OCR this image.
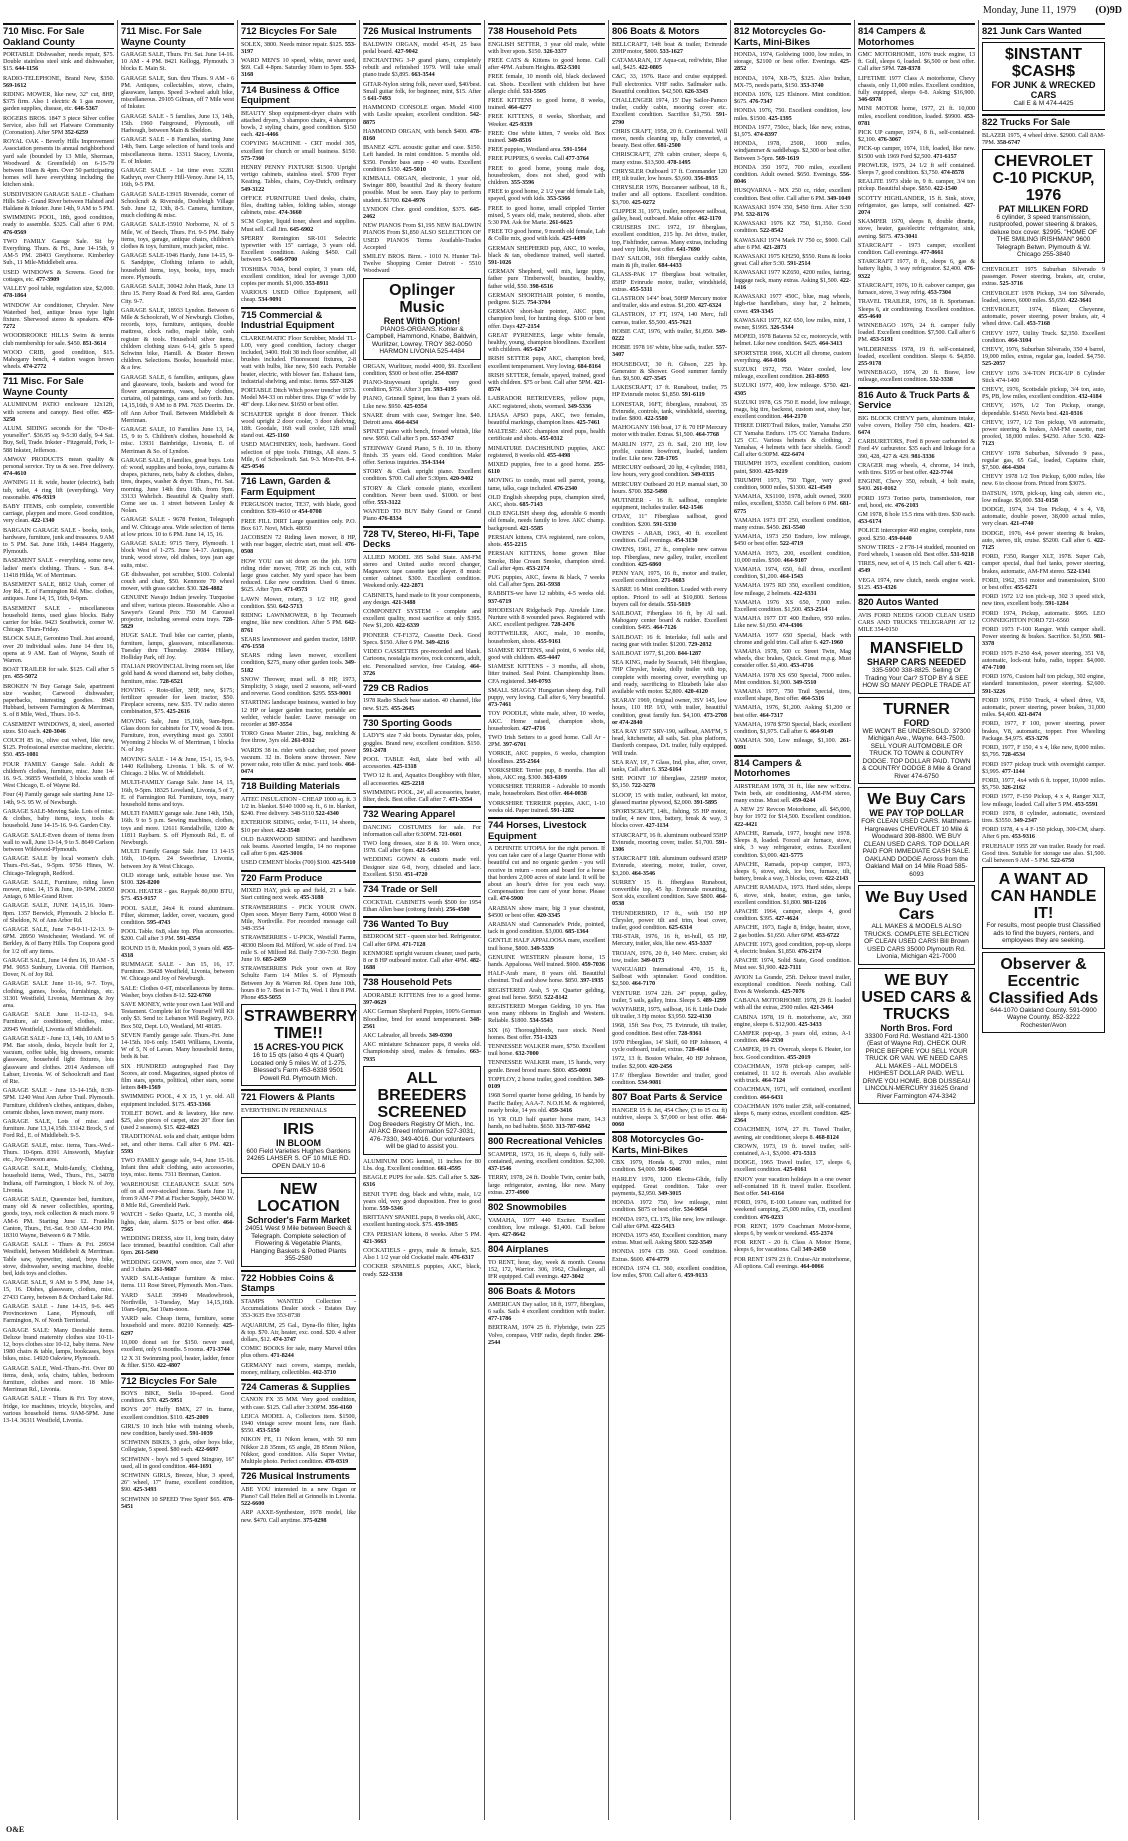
Monday, June 11, 1979 (O)9D
710 Misc. For Sale Oakland County
PORTABLE Dishwasher, needs repair, $75. Double stainless steel sink and dishwasher, $15. 644-1156
RADIO-TELEPHONE, Brand New, $350. 569-1612
RIDING MOWER, like new, 32" cut, 8HP, $375 firm. Also 1 electric & 1 gas mower, garden supplies, disease, etc. 646-5367
ROGERS BROS. 1847 3 piece Silver coffee Service, also full set Flatware Community (Coronation). After 5PM 352-6259
ROYAL OAK - Beverly Hills Improvement Association presents its annual neighborhood yard sale (bounded by 13 Mile, Sherman, Woodward & Greenfield) on 6-15-79 between 10am & 4pm. Over 50 participating homes will have everything including the kitchen sink.
SUBDIVISION GARAGE SALE - Chatham Hills Sub - Grand River between Halsted and Haldane & Inkster. June 14th, 9 AM to 5 PM.
SWIMMING POOL, 18ft, good condition, ready to assemble. $325. Call after 6 P.M. 476-0569
TWO FAMILY Garage Sale. Sit by Everything. Thurs. & Fri., June 14-15th, 9 AM-5 PM. 28403 Greythorne. Kimberley Sub., 11 Mile-Middlebelt area.
USED WINDOWS & Screens. Good for cottages, etc. 477-3909
VALLEY pool table, regulation size, $2,000. 478-1864
WINDOW Air conditioner, Chrysler. New Waterbed bed, antique brass type light fixture. Sherwood stereo & speakers. 474-7272
WOODBROOKE HILLS Swim & tennis club membership for sale. $450. 851-3614
WOOD CRIB, good condition, $15. Mahogany bench, 4 station wagon brown wheels. 474-2772
711 Misc. For Sale Wayne County
ALUMINUM PATIO enclosure 12x12ft, with screens and canopy. Best offer. 455-3258
ALUM. SIDING seconds for the "Do-it-yourselfer". $36.95 sq. 9-5:30 daily, 9-4 Sat. Buy, Sell, Trade. Inkster - Fitzgerald, Fork, 1-588 Inkster, Jefferson.
AMWAY PRODUCTS mean quality & personal service. Try us & see. Free delivery. 474-4610
AWNING 11 ft. wide, heater (electric), bath tub, toilet, 4 ring lift (everything). Very reasonable. 476-9319
BABY ITEMS, crib complete, convertible carriage, playpen and more. Good condition, very clean. 422-1340
BARGAIN GARAGE SALE - books, tools, hardware, furniture, junk and treasures. 9 AM to 5 PM. Sat. June 16th, 14484 Haggerty, Plymouth.
BASEMENT SALE - everything, some new, ladies' men's clothing. Thurs. - Sun. 8-4. 11418 Hilda, W. of Merriman.
BASEMENT SALE, 8812 Utah, corner of Joy Rd., E. of Farmington Rd. Misc. clothes, antiques. June 14, 15, 16th, 9-6pm.
BASEMENT SALE - miscellaneous household items, used glass blocks. Baby carrier for bike. 9423 Southwick, corner W. Chicago. Thurs-Friday.
BLOCK SALE, Geronimo Trail. Just around, over 20 individual sales. June 14 thru 16, opens at 9 AM. East of Wayne, South of Warren.
BOAT TRAILER for sale. $125. Call after 5 pm. 455-5072
BROKEN 'N Buy Garage Sale, apartment size washer, Carwood dishwasher, paperbacks, interesting goodies. 8943 Hubbard, between Farmington & Merriman, S. of 8 Mile, Wed., Thurs. 10-5.
CASEMENT WINDOWS, 8, steel, assorted sizes. $10 each. 420-3046
COUCH 85 in., olive cut velvet, like new, $125. Professional exercise machine, electric. $50. 455-1081
FOUR FAMILY Garage Sale. Adult & children's clothes, furniture, misc. June 14-16. 9-5. 36855 Westfield, 3 blocks south of West Chicago, E. of Wayne Rd.
Four (4) Family garage sale starting June 12-14th, 9-5. 95 W. of Newburgh.
GARAGE SALE-Moving Sale. Lots of misc. & clothes, baby items, toys, tools & household. June 14-15-16. 9-6. Garden City.
GARAGE SALE-Even dozen of items from wall to wall, June 13-14, 9 to 5. 8649 Carlson between Wildwood-Plymouth.
GARAGE SALE by local women's club. Thurs.-Fri.-Sat., 9-5pm. 9756 Hines, W. Chicago-Telegraph, Redford.
GARAGE SALE, Furniture, riding lawn mower, misc. 14, 15 & June, 10-5PM. 20050 Antago, 6 Mile-Grand River.
GARAGE SALE, JUNE 14,15,16. 10am-8pm. 1357 Berwick, Plymouth. 2 blocks E. of Sheldon, N. of Ann Arbor Rd.
GARAGE SALE, June 7-8-9-11-12-13. 9-6PM. 28950 Westchester, Westland. W. of Berkley, & of Barry Hills. Top Coupons good for 1/2 off any items.
GARAGE SALE, June 14 thru 16, 10 AM - 5 PM. 9053 Sunbury, Livonia. Off Harrison, Dover, N. of Joy Rd.
GARAGE SALE June 11-16, 9-7. Toys, clothing, games, books, furnishings, etc. 31301 Westfield, Livonia, Merriman & Joy area.
GARAGE SALE June 11-12-13, 9-6. Furniture, air conditioner, clothes, misc. 20945 Westfield, Livonia off Middlebelt.
GARAGE SALE - June 13, 14th, 10 AM to 5 PM. Bar stools, desks, bicycle built for 2, vacuum, coffee table, big dressers, ceramic glassware, household light fixtures, lots glassware and clothes. 2014 Anderson off Lahser, Livonia. W. of Schoolcraft and East of Rte.
GARAGE SALE - June 13-14-15th, 8:30-5PM. 1240 West Ann Arbor Trail. Plymouth. Furniture, children's clothes, antiques, dishes, ceramic dishes, lawn mower, many more.
GARAGE SALE, Lots of misc. and furniture. June 13,14,15th. 33142 Brock, 5 of Ford Rd., E. of Middlebelt. 9-5.
GARAGE SALE, misc. items, Tues.-Wed.-Thurs. 10-6pm. 8391 Ainsworth, Mayfair etc., Joy-Dawson area.
GARAGE SALE, Multi-family, Clothing, household items, Wed., Thurs., Fri., 34078 Indiana, off Farmington, 1 block N. of Joy, Livonia.
GARAGE SALE, Queensize bed, furniture, many old & newer collectibles, sporting, goods, toys, rock collection & much more. 9 AM-6 PM. Starting June 12. Franklin Canton, Thurs., Fri.-Sat. 9:30 AM-4:30 PM. 18310 Wayne, Between 6 & 7 Mile.
GARAGE SALE - Thurs & Fri. 29934 Westfield, between Middlebelt & Merriman. Table saw, typewriter, stand, boys bike, stove, dishwasher, sewing machine, double bed, kids toys and clothes.
GARAGE SALE, 9 AM to 5 PM, June 14, 15, 16. Dishes, glassware, clothes, misc. 27433 Carey, between 8 & Orchard Lake Rd.
GARAGE SALE - June 14-15, 9-6. 445 Provincetown Lane, Plymouth, off Farmington, N. of North Territorial.
GARAGE SALE: Many Desirable items. Deluxe brand maternity clothes size 10-11-12, boys clothes size 10-12, baby items. New 1980 chairs & table, lamps, bookcases, boys bikes, misc. 14920 Oakview, Plymouth.
GARAGE SALE, Wed.-Thurs.-Fri. Over 80 items, desk, sofa, chairs, tables, bedroom furniture, clothes and more. 18 Mile-Merriman Rd., Livonia.
GARAGE SALE - Thurs & Fri. Toy stove, fridge, ice machines, tricycle, bicycles, and various household items. 9AM-5PM. June 13-14. 36311 Westfield, Livonia.
711 Misc. For Sale Wayne County
GARAGE SALE, Thurs. Fri. Sat. June 14-16. 10 AM - 4 PM. 8421 Kellogg, Plymouth. 3 blocks E. Main St.
GARAGE SALE, Sun. thru Thurs. 9 AM - 6 PM. Antiques, collectables, stove, chairs, glassware, lamps. Speed 3-wheel adult bike, miscellaneous. 29105 Gilman, off 7 Mile west of Inkster.
GARAGE SALE - 5 families, June 13, 14th, 15th. 1960 Fairground, Plymouth, off Harbough, between Main & Sheldon.
GARAGE SALE - 8 Families, starting June 14th, 9am. Large selection of hand tools and miscellaneous items. 13311 Stacey, Livonia, E. of Inkster.
GARAGE SALE - 1st time ever. 32281 Kathryn, over Cherry Hill-Venoy. June 14, 15, 16th, 9-5 PM.
GARAGE SALE-13915 Riverside, corner of Schoolcraft & Riverside, Doubleigh Village Sub. June 12, 13th, 8-5. Camera, furniture, much clothing & misc.
GARAGE SALE-15910 Norborne, N. of 5 Mile, W. of Beech, Thurs. Fri. 9-5 PM. Baby items, toys, garage, antique chairs, children's clothes & toys, furniture, much jacket, misc.
GARAGE SALE-1946 Hardy, June 14-15, 9-6. Sandpipe, Clothing infants to adult, household items, toys, books, toys, much more. Plymouth.
GARAGE SALE, 30042 John Hauk, June 13 thru 15. Ferry Road & Ford Rd. area, Garden City. 9-7.
GARAGE SALE, 18933 Lyndon. Between 6 Mile & Schoolcraft, W of Newburgh. Clothes, records, toys, furniture, antiques, double mattress, clock radio, maple table, cash register & tools. Household silver items, children clothing sizes 6-14, girls 5 speed Schwinn bike, Hamill. & Buster Brown children. Selections. Books, household misc. & a few.
GARAGE SALE, 6 families, antiques, glass and glassware, tools, baskets and wood for flower arrangements, vases, baby clothes, curtains, oil paintings, cans and so forth. Jun. 14,15,16th, 9 AM to 8 PM. 7635 Deerim. Dr. off Ann Arbor Trail. Between Middlebelt & Merriman.
GARAGE SALE, 10 Families June 13, 14, 15, 9 to 5. Children's clothes, household & misc. 13931 Bainbridge, Livonia, E. of Merriman & So. of Lyndon.
GARAGE SALE, 8 families, great buys. Lots of: wood, supplies and books, toys, curtains & drapes, pictures, nets, baby & clothes, dishes, tires, drapes, washer & dryer. Thurs., Fri. Sat. morning. June 14th thru 16th. from 9pm. 33133 Wahrlich. Beautiful & Quality stuff. Come see us. 1 street between Lesley & Nolan.
GARAGE SALE - 9678 Fenton, Telegraph and W. Chicago area. Wide selection of items at low prices. 10 to 6 PM. June 14, 15, 16.
GARAGE SALE: 9715 Terry, Plymouth. 1 block West of 1-275. June 14-17. Antiques, trunk, wood stove, old dishes, toys jean age suits, misc.
GE dishwasher, pot scrubber, $100. Colonial couch and chair, $50. Kenmore 70 wheel mower, with grass catcher. $30. 326-4882
GENUINE Navajo Indian jewelry. Turquoise and silver, various pieces. Reasonable. Also a Sawyer's Grand Prix 750 M Carousel projector, including several extra trays. 728-5829
HUGE SALE. Trail bike car carrier, plants, furniture, lamps, glassware, miscellaneous. Tuesday thru Thursday. 29084 Hillary, Holliday Park, off Joy.
ITALIAN PROVINCIAL living room set, like gold hand & wood diamond set, baby clothes, furniture, misc. 728-6521
HOVING - Roto-tiller, 3HP, new, $175; fertilizer spreader for lawn tractor, $50. Fireplace screens, new. $35. TV radio stereo combination, $75. 425-2616
MOVING Sale, June 15,16th, 9am-8pm. Glass doors for cabinets for TV, wood & iron. Furniture, iron, everything must go. 33901 Wyoming 2 blocks W. of Merriman, 1 blocks N. of Joy.
MOVING SALE - 14 & June, 15-1, 15, 9-5. 1440 Kellisberg. Livonia. 1 blk. S. of W. Chicago. 2 blks. W. of Middlebelt.
MULTI-FAMILY Garage Sale. June 14, 15, 16th, 9-5pm. 18325 Loveland, Livonia, 5 of 7, E. of Farmington Rd. Furniture, toys, many household items and toys.
MULTI FAMILY garage sale. June 14th, 15th, 16th. 9 to 5 p.m. Sewing machines, clothes, toys and more. 12611 Kendallville, 1200 & 11811 Raybarn. S. off Plymouth Rd., E. of Newburgh.
MULTI Family Garage Sale. June 13 14-15 16th, 10-6pm. 24 Sweetbriar, Livonia, between Joy & West Chicago.
OLD storage tank, suitable house use. Yes $100. 326-8200
POOL HEATER - gas. Raypak 80,000 BTU, $75. 453-9157
POOL SALE, 24x4 ft. round aluminum. Filter, skimmer, ladder, cover, vacuum, good condition. 595-4743
POOL Table. 6x8, slate top. Plus accessories. $200. Call after 3 PM. 591-4354
ROUND 15 ft. Muskin pool, 3 years old. 455-4318
RUMMAGE SALE - Jun 15, 16, 17. Furniture. 36428 Westfield, Livonia, between W. Chicago and Joy of Newburgh.
SALE: Clothes 0-6T, miscellaneous by items. Washer, boys clothes 8-12. 522-6760
SAVE MONEY, write your own Last Will and Testament. Complete kit for Yourself Will Kit only $3. Send to: Lebanon Will Registry, P.O. Box 502, Dept. LO, Westland, MI 48185.
SEVEN Family garage sale. Thurs.-Fri. June 14-15th. 10-6 only. 15401 Williams, Livonia, W of 5, N of Lavan. Many household items, beds & bar.
SIX HUNDRED autographed Fast Day Scores, air cond. Magazines, signed photos of film stars, sports, political, other stars, some letters 849-1569
SWIMMING POOL, 4 X 15, 1 yr. old. All equipment included. $175. 453-3366
TOILET BOWL and & lavatory, like new. $25, also pieces of carpet, size 20" floor fan (used 2 seasons). $15. 422-4823
TRADITIONAL sofa and chair, antique bdrm set, and other items. Call after 6 PM. 421-5593
TWO FAMILY garage sale, 9-4, June 15-16. Infant thru adult clothing, auto accessories, toys, misc. items. 7311 Brennan, Canton.
WAREHOUSE CLEARANCE SALE 50% off on all over-stocked items. Starts June 11, from 9 AM-7 PM at Fischer Supply, 34430 W. 8 Mile Rd., Greenfield Park.
WATCH - Seiko Quartz, LC, 3 months old, lights, date, alarm. $175 or best offer. 464-7565
WEDDING DRESS, size 11, long train, daisy lace trimmed, beautiful condition. Call after 6pm. 261-5490
WEDDING GOWN, worn once, size 7. Veil and 3 chairs. 261-9687
YARD SALE-Antique furniture & misc. items. 111 Rose Street, Plymouth. Mon.-Tues.
YARD SALE 39949 Meadowbrook, Northville, 1-Tuesday, May 14,15,16th. 10am-6pm, Sat 10am-noon.
YARD sale. Cheap items, furniture, some household and more. 80210 Kennedy. 425-6297
10,000 donut set for $150. never used, excellent, only 6 months. 5 rooms. 471-3744
12 X 31 Swimming pool, heater, ladder, fence & filter. $150. 422-4807
712 Bicycles For Sale
BOYS BIKE, Stella 10-speed. Good condition. $70. 425-5951
BOYS 20" Huffy BMX, 27 in. frame, excellent condition. $110. 425-2009
GIRL'S 10 inch bike with training wheels, new condition, barely used. 591-1039
SCHWINN BIKES, 3 girls, other boys bike, Collegiate, 5 speed. $80 each. 422-6697
SCHWINN - boy's red 5 speed Stingray, 16" used, all in good condition. 464-1691
SCHWINN GIRLS, Breeze, blue, 3 speed, 26" wheel, 17" frame, excellent condition, $90. 425-3493
SCHWINN 10 SPEED 'Free Spirit' $65. 478-5451
712 Bicycles For Sale
SOLEX, 3800. Needs minor repair. $125. 553-3197
WARD MEN'S 10 speed, white, never used, $69. Call 4-8pm. Saturday 10am to 5pm. 553-3168
714 Business & Office Equipment
BEAUTY Shop equipment-dryer chairs with attached dryers, 3 shampoo chairs, 4 shampoo bowls, 2 styling chairs, good condition. $150 each. 421-4466
COPYING MACHINE - CRT model 305, excellent for church or small business. $150. 575-7360
HENRY PENNY FIXTURE $1500. Upright vertigo cabinets, stainless steel. $700 Fryer Keating. Tables, chairs, Coy-Dutch, ordinary 549-3122
OFFICE FURNITURE Used desks, chairs, files, drafting tables, folding tables, storage cabinets, misc. 474-3660
SCM Copier, liquid toner, sheet and supplies. Must sell. Call Jim. 645-6902
SPERRY Remington SR-101 Selectric typewriter with 15" carriage, 3 years old. Excellent condition. Asking $450. Call between 9-5. 646-9700
TOSHIBA 703A, bond copier, 3 years old, excellent condition, ideal for average 3,000 copies per month. $1,000. 353-8911
VARIOUS USED Office Equipment, sell cheap. 534-9091
715 Commercial & Industrial Equipment
CLARKE/MATIC Floor Scrubber, Model TL-L00, very good condition, factory charger included, 3400. Holt 38 inch floor scrubber, all brushes included. Fluorescent fixtures, 2-8 watt with bulbs, like new, $10 each. Portable heater, electric, with blower fan. Exhaust fans, industrial shelving, and misc. items. 557-3126
PORTABLE Ditch Witch power trencher 1973. Model M4-33 on rubber tires. Digs 6" wide by 48" deep. Like new. $1650 or best offer.
SCHAEFER upright 8 door freezer. Thick wood upright 2 door cooler, 3 door shelving, 18ft. Goodale, 16ft wall cooler, 12ft small stand out. 425-1160
USED MACHINERY, tools, hardware. Good selection of pipe tools. Fittings, All sizes. 5 Mile, 6 of Schoolcraft. Sat. 9-3. Mon-Fri. 8-4. 425-0546
716 Lawn, Garden & Farm Equipment
FERGUSON tractor, TE37, with blade, good condition. $39-4610 or 454-0708
FREE FILL DIRT Large quantities only. P.O. Box 617. Novi, Mich. 48050
JACOBSEN 72 Riding lawn mower, 8 HP, with rear bagger, electric start, must sell. 476-0508
HOW YOU can sit down on the job. 1978 riding rider mower, 7HP, 26 inch cut, with large grass catcher. My yard space has been reduced. Like new condition. Used 6 times. $625. After 7pm. 471-0573
LAWN Mower, rotary, 3 1/2 HP, good condition. $50. 642-5713
RIDING LAWNMOWER, 8 hp Tecumseh engine, like new condition. After 5 PM. 642-8761
SEARS lawnmower and garden tractor, 18HP. 476-1558
SEARS riding lawn mower, excellent condition, $275, many other garden tools. 349-5182
SNOW Thrower, must sell. 8 HP, 1973, Simplicity, 3 stage, used 2 seasons, self-ward and reverse. Good condition. $295. 553-9001
STARTING landscape business, wanted to buy 12 HP or larger garden tractor, portable arc welder, vehicle hauler. Leave message on recorder at 397-3554
TORO Grass Master 21in., bag, mulching & free throw, 3yrs old. 261-0312
WARDS 38 in. rider with catcher, roof power vacuum. 32 in. Bolens snow thrower. New power rake, roto tiller & misc. yard tools. 464-0474
718 Building Materials
AITEC INSULATION - CHEAP 1000 sq. ft. 3 1/2 in. blanket. $140 1000 sq. ft., 6 in. blanket, $240. Free delivery. 348-5110 522-4340
EXTERIOR SIDING, cedar, T-111, 14 sheets, $10 per sheet. 422-3548
OLD BARNWOOD SIDING and handhewn oak beams. Assorted lengths, 14 no response call after 6 pm. 425-3016
USED CEMENT blocks (700) $100. 425-5410
720 Farm Produce
MIXED HAY, pick up and field, 21 a bale. Start cutting next week. 455-3188
STRAWBERRIES - PICK YOUR OWN. Open soon. Meyer Berry Farm, 40900 West 8 Mile, Northville. For recorded message call 348-3554
STRAWBERRIES - U-PICK, Westfall Farms, 48300 Bloom Rd. Milford, W. side of Fred. 1/4 mile S. of Milford Rd. Daily 7:30-7:30. Begin June 19. 685-2459
STRAWBERRIES Pick your own at Roy Schultz Farm 1/4 Miles S. of Plymouth Between Joy & Warren Rd. Open June 10th, hours 8 to 7. Best in 1-7 Tu, Wed. 1 thru 8 PM. Phone 453-5055
STRAWBERRY TIME!!
15 ACRES-YOU PICK
16 to 15 qts (also 4 qts 4 Quart) Located only 5 miles W. of 1-275. Blessed's Farm 453-6338 9501 Powell Rd. Plymouth Mich.
721 Flowers & Plants
EVERYTHING IN PERENNIALS
IRIS
IN BLOOM
600 Field Varieties Hughes Gardens 24265 LAHSER S. OF 10 MILE RD. OPEN DAILY 10-6
NEW LOCATION
Schroder's Farm Market
24051 West 9 Mile between Beech & Telegraph. Complete selection of Flowering & Vegetable Plants, Hanging Baskets & Potted Plants 355-2580
722 Hobbies Coins & Stamps
STAMPS WANTED Collection - Accumulations Dealer stock - Estates Day 353-3635 Eve 353-8738
AQUARIUM, 25 Gal., Dyna-flo filter, lights & top. $70. Air, heater, exc. cond. $20. 4 silver dollars, $12. 474-3747
COMIC BOOKS for sale, many Marvel titles plus others. 471-8244
GERMANY nazi covers, stamps, medals, money, military, collectibles. 462-3710
724 Cameras & Supplies
CANON FX 35 MM. Very good condition, with case. $125. Call after 3:30PM. 356-4160
LEICA MODEL A, Collectors item. $1500, 1940 vintage screw mount lens, rare flash. $550. 453-5150
NIKON FE, 11 Nikon lenses, with 50 mm Nikkor 2.8 35mm, 65 angle, 28 85mm Nikon, Nikkor, good condition. Alfa Super Vivitar, Multiple photo. Perfect condition. 478-0319
726 Musical Instruments
ABE YOU interested in a new Organ or Piano? Call Helen Bell at Grinnells in Livonia. 522-6600
ARP AXXE-Synthesizer, 1978 model, like new. $470. Call anytime. 375-0298
726 Musical Instruments
BALDWIN ORGAN, model 45-H, 25 bass pedal board. 427-9042
ENCHANTING 3-P grand piano, completely rebuilt and refinished 1979. Will take small piano trade $3,895. 663-3544
GITAR-Nylon string folk, never used, $40/best. Small guitar folk, for beginner, mint, $15. After 5 641-7493
HAMMOND CONSOLE organ. Model 4100 with Leslie speaker, excellent condition. 542-8875
HAMMOND ORGAN, with bench $400. 478-8160
IBANEZ 427L acoustic guitar and case. $150. Left handed. In mint condition. 5 months old. $350. Fender bass amp - 40 watts. Excellent condition $150. 425-5010
KIMBALL ORGAN, electronic, 1 year old, Swinger 800, beautiful 2nd & theory feature possible. Must be seen. Easy play to perform student. $1700. 624-4976
LYNDON Chor. good condition, $375. 645-2462
NEW PIANOS From $1,195 NEW BALDWIN PIANOS From $1,850 ALSO SELECTION OF USED PIANOS Terms Available-Trades Accepted
SMILEY BROS. Birm. - 1010 N. Hunter Tel-Twelve Shopping Center Detroit - 5510 Woodward
Oplinger Music
Rent With Option!
PIANOS-ORGANS. Kohler & Campbell, Hammond, Knabe, Baldwin, Wurlitzer, Lowrey. TROY 362-0050 HARMON LIVONIA 525-4484
ORGAN, Wurlitzer, model 4000, $9. Excellent condition, $500 or best offer. 254-8387
PIANO-Stuyvesant upright. very good condition, $750. After 3 pm. 593-4195
PIANO, Grinnell Spinet, less than 2 years old. Like new. $950. 425-0354
SNARE drum with case, Swinger line. $40. Detroit area. 464-4434
SPINET piano with bench, frosted whitish, like new. $950. Call after 5 pm. 557-3747
STEINWAY Grand Piano, 5 ft. 10 in. Ebony finish. 35 years old. Good condition. Make offer. Serious inquiries. 354-3344
STORY & Clark upright piano. Excellent condition. $700. Call after 5:30pm. 420-9402
STORY & Clark console piano, excellent condition. Never been used. $1000. or best offer. 553-3122
WANTED TO BUY Baby Grand or Grand Piano 476-8334
728 TV, Stereo, Hi-Fi, Tape Decks
ALLIED MODEL 395 Solid State. AM-FM stereo and United audio record changer, Magnavox tape cassette tape player. 8 music center cabinet. $300. Excellent condition. Weekend only. 422-2871
CABINETS, hand made to fit your components, any design. 421-3488
COMPONENT SYSTEM - complete and excellent quality, most sacrifice at only $395. New $1,200. 422-6339
PIONEER CT-F1372, Cassette Deck. Good Specs. $150. After 6 PM. 349-4216
VIDEO CASSETTES pre-recorded and blank. Cartoons, nostalgia movies, rock concerts, adult, etc. Personalized service, free Catalog. 464-3726
729 CB Radios
1978 Radio Shack base station. 40 channel, like new. $125. 455-2645
730 Sporting Goods
LADY'S size 7 ski boots. Dynastar skis, poles, goggles. Brand new, excellent condition. $150. 591-2478
POOL TABLE 4x8, slate bed with all accessories. 425-1318
TWO 12 ft. and, Aquatics Doughboy with filter, all accessories. 425-2218
SWIMMING POOL, 24', all accessories, heater, filter, deck. Best offer. Call after 7. 471-3554
732 Wearing Apparel
DANCING COSTUMES for sale. For information call after 6:30PM. 721-0601
TWO long dresses, size 8 & 10. Worn once, 1978. Call after 6pm. 421-5463
WEDDING GOWN & custom made veil. Designer size 6-8, ivory, chiseled and lace. Excellent. $150. 451-4720
734 Trade or Sell
COCKTAIL CABINETS worth $500 for 1954 Ethan Allen base (cottong finish). 256-4500
736 Wanted To Buy
BEDROOM SET - queen size bed. Refrigerator. Call after 6PM. 471-7128
KENMORE upright vacuum cleaner, used parts, 8 or 8 HP outboard motor. Call after 4PM. 482-1688
738 Household Pets
ADORABLE KITTENS free to a good home. 397-0629
AKC German Shepherd Puppies, 100% German Bloodline, bred for sound temperament. 348-2561
AKC Labrador, all breeds. 349-0390
AKC miniature Schnauzer pups, 8 weeks old. Championship sired, males & females. 663-7935
ALL BREEDERS SCREENED
Dog Breeders Registry Of Mich., Inc. All AKC Breed Information 527-3031, 476-7330, 349-4016. Our volunteers will be glad to assist you.
ALUMINUM DOG kennel, 11 inches for 80 Lbs. dog. Excellent condition. 661-4595
BEAGLE PUPS for sale. $25. Call after 5. 326-6316
BENJI TYPE dog, black and white, male, 1/2 years old, very good disposition. Free to good home. 559-5346
BRITTANY SPANIEL pups, 8 weeks old, AKC, excellent hunting stock. $75. 459-3985
CFA PERSIAN kittens, 8 weeks. After 5 PM. 421-3663
COCKATIELS - greys, male & female, $25. Also 1 1/2 year old Cockatiel male. 476-6317
COCKER SPANIELS puppies, AKC, black, ready. 522-3338
738 Household Pets
ENGLISH SETTER, 3 year old male, white with liver spots. $150. 326-3377
FREE CATS & Kittens to good home. Call after 4PM. Auburn Heights. 852-5301
FREE female, 10 month old, black declawed cat. Shots. Excellent with children but have allergic child. 531-5505
FREE KITTENS to good home, 8 weeks, trained. 464-4277
FREE KITTENS, 8 weeks, Shorthair, and Weeker. 425-9339
FREE: One white kitten, 7 weeks old. Box trained. 349-8516
FREE puppies, Westland area. 591-1564
FREE PUPPIES, 6 weeks. Call 477-3764
FREE to good home, young male dog, housebroken, does not shed, good with children. 355-3596
FREE to good home, 2 1/2 year old female Lab, spayed, good with kids. 353-5366
FREE to good home, small crippled Terrier mixed, 5 years old, male, neutered, shots. after 5:30 PM. Ask for Marie. 261-6625
FREE TO good home, 9 month old female, Lab & Collie mix, good with kids. 425-4499
GERMAN SHEPHERD pup, AKC, 10 weeks, black & tan, obedience trained, well started. 591-1026
GERMAN Shepherd, well mix, large pups, father pure Timberwolf, beauties, healthy, father wild, $50. 398-6516
GERMAN SHORTHAIR pointer, 6 months, pedigree. $125. 754-3704
GERMAN short-hair pointer, AKC pups, champion bred, for hunting dogs. $100 or best offer. Days 427-2154
GREAT PYRENEES, large white female, healthy, young, champion bloodlines. Excellent with children. 465-6247
IRISH SETTER pups, AKC, champion bred, excellent temperament. Very loving. 684-8164
IRISH SETTER, female, spayed, trained, good with children. $75 or best. Call after 5PM. 421-8574
LABRADOR RETRIEVERS, yellow pups, AKC registered, shots, wormed. 349-5336
LHASA APSO pups, AKC, two females, beautiful markings, champion lines. 425-7461
MALTESE: AKC champion sired pups, health certificate and shots. 455-0312
MINIATURE DACHSHUND puppies, AKC registered, 8 weeks old. 455-4498
MIXED puppies, free to a good home. 255-6110
MOVING to condo, must sell parrot, young, tame, talks, cage included. 476-2340
OLD English sheepdog pups, champion sired, AKC, shots. 685-7143
OLD ENGLISH sheep dog, adorable 6 month old female, needs family to love. AKC champ. background. 421-5585
PERSIAN kittens, CFA registered, rare colors, shots. 455-2215
PERSIAN KITTENS, home grown Blue Smoke, Blue Cream Smoke, champion sired. Call after 4pm. 453-2174
PUG puppies, AKC, fawns & black, 7 weeks old. Call after 5pm. 261-5938
RABBITS-we have 12 rabbits, 4-5 weeks old. 937-6719
RHODESIAN Ridgeback Pup. Airedale Line. Nurture with 8 wounded paws. Registered with AKC. excellent pedigree. 728-2476
ROTTWEILER, AKC, male, 10 months, housebroken, shots. 455-9161
SIAMESE KITTENS, seal point, 6 weeks old, good with children. 455-4447
SIAMESE KITTENS - 3 months, all shots, litter trained. Seal Point. Championship lines. CFA registered. 349-0793
SMALL SHAGGY Hungarian sheep dog. Full puppy, very loving. Call after 6, Very beautiful. 473-7461
TOY POODLE, white male, silver, 10 weeks, AKC. Home raised, champion shots, housebroken. 427-4716
TWO Irish Setters to a good home. Call Ar - 2PM. 397-6701
YORKIE, AKC puppies, 6 weeks, champion bloodlines. 255-2564
YORKSHIRE Terrier pup, 8 months. Has all shots, AKC reg. $300. 363-6109
YORKSHIRE TERRIER - Adorable 10 month male, housebroken. Best offer. 464-0038
YORKSHIRE TERRIER puppies, AKC, 1-10 weeks old. Paper trained. 591-1282
744 Horses, Livestock Equipment
A DEFINITE UTOPIA for the right person. If you can take care of a large Quarter Horse with beautiful cut and no organic garden - you will receive in return - room and board for a horse that borders 2,000 acres of state land. It will be about an hour's drive for you each way. Compensation: free care of your horse. Please call. 474-5900
ARABIAN show mare, big 3 year chestnut, $4500 or best offer. 420-3345
ARABIAN stud Cannonade's Pride, pointed, tack in good condition. $3,000. 685-1364
GENTLE HALF APPALOOSA mare, excellent trail horse, $800. 349-5339
GENUINE WESTERN pleasure horse, 15 hands. Appaloosa. Well trained. $900. 459-7036
HALF-Arab mare, 8 years old. Beautiful chestnut. Trail and show horse. $850. 397-1935
REGISTERED Arab, 5 yr. Quarter gelding, great trail horse. $950. 522-8142
REGISTERED Morgan Gelding, 10 yrs. Has won many ribbons in English and Western. Reliable. $1800. 534-5543
SIX (6) Thoroughbreds, race stock. Need homes. Best offer. 751-1323
TENNESSEE WALKER mare, $750. Excellent trail horse. 632-7000
TENNESSEE WALKER mare, 15 hands, very gentle. Breed brood mare. $800. 455-0091
TOPFLOY, 2 horse trailer, good condition. 349-0109
1968 Sorrel quarter horse gelding, 16 hands by Pacific Bailey, AAA-7. N.O.H.M. & registered, nearly broke, 14 yrs old. 459-3416
16 YR OLD half quarter horse mare, 14.3 hands, no bad habits. $650. 313-787-6842
800 Recreational Vehicles
SCAMPER, 1973, 16 ft, sleeps 6, fully self-contained, awning, excellent condition. $2,300. 437-1546
TERRY, 1978, 24 ft. Double Twin, center bath, large refrigerator, awning, like new. Many extras. 277-4900
802 Snowmobiles
YAMAHA, 1977 440 Exciter. Excellent condition, low mileage. $1,400. Call before 4pm. 427-8642
804 Airplanes
TO RENT, hour, day, week & month. Cessna 152, 172, Warrior. 306, 1962, Challenger, all IFR equipped. Call evenings. 427-3042
806 Boats & Motors
AMERICAN Day sailor, 18 ft, 1977, fiberglass, 6 sails. Sails 4 excellent condition with trailer. 477-1786
BERTRAM, 1974 25 ft. Flybridge, twin 225 Volvo, compass, VHF radio, depth finder. 296-2544
806 Boats & Motors
BELLCRAFT, 14ft boat & trailer, Evinrude 20HP motor, $800. 533-1627
CATAMARAN, 13' Aqua-cat, red/white, Blue sail, $425. 422-0805
C&C, 33, 1976. Race and cruise equipped. Full electronics. VHF radio. Sailmaker sails. Beautiful condition. $42,500. 626-3343
CHALLENGER 1974, 15' Day Sailor-Pamco trailer, cuddy cabin, mooring cover etc. Excellent condition. Sacrifice $1,750. 591-2790
CHRIS CRAFT, 1958, 20 ft. Continental. Will move, needs cleaning up, fully converted, a beauty. Best offer. 681-2500
CHRISCRAFT, 27ft cabin cruiser, sleeps 6, many extras. $13,500. 478-1495
CHRYSLER Outboard 17 ft. Commander 120 HP, tilt trailer, low hours. $3,600. 356-8935
CHRYSLER 1976, Buccaneer sailboat, 18 ft., trailer and all options. Excellent condition. $3,700. 425-0272
CLIPPER 31, 1973, trailer, nonpower sailboat, galley, head, outboard. Make offer. 462-1170
CRUISERS INC. 1972, 19' fiberglass, excellent condition, 215 hp. Jet drive, trailer, top, Fishfinder, canvas. Many extras, including used very little, best offer. 641-7690
DAY SAILOR, 16ft fiberglass cuddy cabin, main & jib, trailer. 684-4433
GLASS-PAK 17' fiberglass boat w/trailer, 85HP Evinrude motor, trailer, windshield, extras. 455-5311
GLASTRON 14'4" boat, 50HP Mercury motor and trailer, skis and extras. $1,200. 427-6324
GLASTRON, 17 FT, 1974, 140 Merc, full canvas, trailer. $5,500. 455-7621
HOBIE CAT, 1976, with trailer, $1,850. 349-0222
HOBIE 1978 16' white, blue sails, trailer. 557-3407
HOUSEBOAT, 30 ft. Gibson, 225 hp. Generator & Shower. Good summer family fun. $9,500. 427-3545
LAKESCRAFT, 17 ft. Runabout, trailer, 75 HP Evinrude motor. $1,850. 591-6119
LONESTAR, 16FT, fiberglass, runabout, 35 Evinrude, controls, tank, windshield, steering, trailer. $800. 422-5580
MAHOGANY 19ft boat, 17 ft. 70 HP Mercury motor with trailer. Extras. $1,500. 464-7768
MARLIN 1977, 23 ft. Sail, 210 HP, low profile, custom bowfront, loaded, tandem trailer. Like new. 728-1705
MERCURY outboard, 20 hp, 4 cylinder, 1981, low hours, very good condition. 349-0335
MERCURY Outboard 20 H.P. manual start, 30 hours. $700. 352-5498
MUTINEER - 16 ft. sailboat, complete equipment, includes trailer. 642-1546
O'DAY, 11" Fiberglass sailboat, good condition. $200. 591-5330
OWENS - ARAB, 1963, 40 ft. excellent condition. Call evenings. 454-3130
OWENS, 1961, 27 ft., complete new canvas top. Fiberglass, new galley, trailer, excellent condition. 425-6860
PENN YAN, 1975, 16 ft., motor and trailer, excellent condition. 271-8683
SABRE 16 Mint condition. Loaded with every option. Priced to sell at $10,800. Serious buyers call for details. 551-5819
SAILBOAT, Fiberglass 16 ft, by Al sail. Mahogany center board & rudder. Excellent condition. $495. 464-7126
SAILBOAT: 16 ft. Interlake, full sails and racing gear with trailer. $1200. 729-2032
SAILBOAT 1977, $1,200. 844-1287
SEA KING, made by Seacraft, 14ft fiberglass, 7HP Chrysler, brake, dolly trailer with top, complete with mooring cover, everything up and ready, sacrificing to Elizabeth lake also available with motor. $2,800. 420-4120
SEARAY 1969, Original owner, 3SV 145, low hours, 110 HP. I/O, with trailer, beautiful condition, great family fun. $4,100. 473-2708 or 474-2840
SEA RAY 1977 SRV-190, sailboat, AM/FM, 5 head, kitchenette, all sails, Sat. plus platform, Danforth compass, D/L trailer, fully equipped. Will trade.
SEA RAY, 19', 7 Glass, Ind, plus, after, cover, tanks, Call after 6. 352-6164
SHE POINT 10' fiberglass, 225HP motor, $5,150. 722-3278
SLOOP, 15 with trailer, outboard, kit motor, glassed marine plywood, $2,000. 391-5895
SPORTSCRAFT, 14ft., fishing, 55 HP motor, trailer, 4 new tires, battery, break & way, 3 blocks cover. 427-1134
STARCRAFT, 16 ft. aluminum outboard 55HP Evinrude, mooring cover, trailer. $1,700. 591-1306
STARCRAFT 18ft. aluminum outboard 85HP Evinrude, steering, motor, trailer, cover, $3,200. 464-3546
SURREY 15 ft. fiberglass Runabout, convertible top, 45 hp. Evinrude mounting, Scot skis, excellent condition. Save $800. 464-0538
THUNDERBIRD, 17 ft., with 150 HP Chrysler, power tilt and trim, boat cover, trailer, good condition. 625-6314
TRI-STAR, 1976, 16 ft, tri-hull, 65 HP, Mercury, trailer, skis, like new. 453-3337
TROJAN, 1976, 20 ft, 140 Merc. cruiser, ski tow, trailer. 349-0173
VANGUARD International 470, 15 ft., Sailboat with spinnaker. Good condition. $2,500. 464-7170
VENTURE 1974 22ft. 24" popup, galley, trailer, 5 sails, galley, Intra. Sleeps 5. 489-1299
WAYFARER, 1975, sailboat, 16 ft. Little Dude tilt trailer, 3 Hp motor. $3,950. 522-4130
1968, 15ft Sea Fox, 75 Evinrude, tilt trailer, good condition. Best offer. 728-9361
1970 Fiberglass, 14' Skiff, 60 HP Johnson, 4 cycle outboard, trailer, extras. 728-4614
1972, 13 ft. Boston Whaler, 40 HP Johnson, trailer. $2,900. 420-2456
17.6' fiberglass Bowrider and trailer, good condition. 534-9081
807 Boat Parts & Service
HANGER 15 ft. Jet, 454 Chev, (3 to 15 cu. ft) outdrive, sleeps 3. $7,000 or best offer. 464-0060
808 Motorcycles Go-Karts, Mini-Bikes
CBX 1979, Honda 6, 2700 miles, mint condition. $4,000. 591-5046
HARLEY 1976, 1200 Electra-Glide, fully equipped. Great condition. Take over payments, $2,950. 349-3015
HONDA 1972 750, low mileage, mint condition. $875 or best offer. 534-9054
HONDA 1973, CL 175, like new, low mileage. Call after 6PM. 422-5413
HONDA 1973 450, Excellent condition, many extras. Must sell. Asking $800. 522-3549
HONDA 1974 CB 360. Good condition. Extras. $600. 474-4779
HONDA 1974 CL 360, excellent condition, low miles, $700. Call after 6. 459-9133
812 Motorcycles Go-Karts, Mini-Bikes
HONDA, 1974, Goldwing 1000, low miles, in storage, $2100 or best offer. Evenings. 425-2852
HONDA, 1974, XR-75, $325. Also Indian, MX-75, needs parts, $150. 353-3740
HONDA 1976, 125 Elsinore. Mint condition. $675. 476-7347
HONDA 1976, 750. Excellent condition, low miles. $1500. 425-1395
HONDA 1977, 750cc, black, like new, extras, $1,975. 474-8397
HONDA, 1978, 250R, 1000 miles, windjammer & saddlebags. $2,300 or best offer. Between 3-5pm. 569-1619
HONDA 350 1972, 700 miles, excellent condition. Adult owned. $650. Evenings. 556-8046
HUSQVARNA - MX 250 cc, rider, excellent condition. Best offer. Call after 6 PM. 349-1049
KAWASAKI 1974 350, $450 firm. After 5:30 PM. 532-8176
KAWASAKI 1976 KZ 750, $1,350. Good condition. 522-8542
KAWASAKI 1974 Mark IV 750 cc, $900. Call after 6 PM. 421-2873
KAWASAKI 1975 KH250, $550. Runs & looks great. Call after 5:30. 591-2514
KAWASAKI 1977 KZ650, 4200 miles, fairing, luggage rack, many extras. Asking $1,500. 422-1416
KAWASAKI 1977 450C, blue, mag wheels, high-rise handlebars, sissy bar, 2 helmets, cover. 459-3345
KAWASAKI 1977, KZ 650, low miles, mint, 1 owner, $1995. 326-5344
MOPED, 1978 Batavus 52 cc, motorcycle, with helmet. Like new condition. $425. 464-3413
SPORTSTER 1966, XLCH all chrome, custom everything. 464-0166
SUZUKI 1972, 750. Water cooled, low mileage, excellent condition. 261-8093
SUZUKI 1977, 400, low mileage. $750. 421-4305
SUZUKI 1978, GS 750 E model, low mileage, mags, big tire, backrest, custom seat, sissy bar, excellent condition. 464-2170
THREE DIRT/Trail Bikes, trailer, Yamaha 250 CT Yamaha Enduro. 175 CC Yamaha Enduro. 125 CC. Various helmets & clothing, 2 Yamahas, 4 helmets with face shields. Good! Call after 6:30PM. 422-6474
TRIUMPH 1973, excellent condition, custom paint, $800. 425-9219
TRIUMPH 1973, 750 Tiger, very good condition, 9000 miles, $1300. 421-4549
YAMAHA, XS1100, 1978, adult owned, 3600 miles, excellent, $3350. Call before 6 PM. 681-6775
YAMAHA 1973 DT 250, excellent condition, many extras. $450. 261-5540
YAMAHA, 1973 250 Enduro, low mileage, $450 or best offer. 522-4719
YAMAHA 1973, 200, excellent condition, 10,000 miles. $500. 464-9107
YAMAHA 1974, 650, full dress, excellent condition, $1,200. 464-1543
YAMAHA 1975 RD 350, excellent condition, low mileage, 2 helmets. 422-6331
YAMAHA 1976 XS 650, 7,000 miles. Excellent condition. $1,500. 453-2514
YAMAHA 1977 DT 400 Enduro, 950 miles. Like new. $1,050. 474-4306
YAMAHA 1977 650 Special, black with chrome and gold trim. Call after 6. 427-1960
YAMAHA 1978, 500 cc Street Twin, Mag wheels, disc brakes, Quick. Great m.p.g. Must consider offer. $1,400. 453-4716
YAMAHA 1978 XS 650 Special, 7000 miles. Mint condition. $1,900. 349-5510
YAMAHA 1977, 750 Trail Special, tires, excellent shape, Best offer. 464-5316
YAMAHA, 1976, $1,200. Asking $1,200 or best offer. 464-7317
YAMAHA, 1978 $750 Special, black, excellent condition, $1,975. Call after 6. 464-9149
YAMAHA 500, Low mileage, $1,100. 261-0091
814 Campers & Motorhomes
AIRSTREAM 1978, 31 ft., like new w/Extra. Twin beds, air conditioning, AM-FM stereo, many extras. Must sell. 459-0244
A NEW 25' Revcon Motorhome, all. $45,000, buy for 1972 for $14,500. Excellent condition. 422-4421
APACHE, Ramada, 1977, bought new 1978. Sleeps 8, loaded. Forced air furnace, stove, sink, 3 way refrigerator, extras. Excellent condition. $3,000. 421-5775
APACHE, Ramada, pop-up camper, 1973, sleeps 6, stove, sink, ice box, furnace, tilt, battery, break a way, 3 blocks, cover. 422-2143
APACHE RAMADA, 1973. Hard sides, sleeps 6, stove, sink, heater, extras, gas tanks, excellent condition. $1,800. 981-1216
APACHE 1964, camper, sleeps 4, good condition. $395. 427-4624
APACHE, 1973, Eagle 8, fridge, heater, stove, 2 gas bottles. $1,650. After 6PM. 453-6722
APACHE 1973, good condition, pop-up, sleeps 4, electric brakes. $1,850. 476-2174
APACHE 1974, Solid State, Good condition. Must see. $1,900. 422-7111
AVION La Grande, 25ft. Deluxe travel trailer, exceptional condition. Needs nothing. Call Eves & Weekends. 425-7076
CABANA MOTORHOME 1978, 29 ft. loaded with all the extras, 2500 miles. 421-3464
CABINA 1978, 19 ft. motorhome, a/c, 360 engine, sleeps 6. $12,900. 425-3433
CAMPER pop-up, 3 years old, extras, A-1 condition. 464-2330
CAMPER, 19 Ft. Overcab, sleeps 6. Heater, ice box. Good condition. 455-2019
COACHMAN, 1978 pick-up camper, self-contained, 11 1/2 ft. overcab. Also available with truck. 464-7124
COACHMAN, 1971, self contained, excellent condition. 464-6431
COACHMAN 1976 trailer 25ft, self-contained, sleeps 6, many extras, excellent condition. 425-2364
COACHMEN, 1974, 27 Ft. Travel Trailer, awning, air conditioner, sleeps 8. 468-8124
CROWN, 1973, 19 ft. travel trailer, self-contained, A-1, $3,000. 471-5313
DODGE, 1965 Travel trailer, 17', sleeps 6, excellent condition. 425-0161
ENJOY your vacation holidays in a one owner self-contained 18 ft. travel trailer. Excellent. Best offer. 541-6164
FORD, 1976, E-100 Leisure van, outfitted for weekend camping, 25,000 miles, CB, excellent condition. 476-0233
FOR RENT, 1979 Coachman Motor-home, sleeps 6, by week or weekend. 455-2374
FOR RENT - 20 ft. Class A Motor Home, sleeps 6, for vacations. Call 349-2450
FOR RENT 1979 23 ft. Cruise-Air motorhome, All options. Call evenings. 464-0066
814 Campers & Motorhomes
GMC MOTORHOME, 1976 truck engine, 13 ft. Gull, sleeps 6, loaded. $6,500 or best offer. Call after 5PM. 728-8378
LIFETIME 1977 Class A motorhome, Chevy chassis, only 11,000 miles. Excellent condition, fully equipped, sleeps 6-8. Asking $16,900. 346-6978
MINI MOTOR home, 1977, 21 ft. 10,000 miles, excellent condition, loaded. $9900. 453-0781
PICK UP camper, 1974, 8 ft., self-contained. $2,100. 476-3067
PICK-up camper, 1974, 11ft, loaded, like new. $1500 with 1969 Ford $2,500. 471-6157
PROWLER, 1975, 24 1/2 ft self contained. Sleeps 7, good condition. $3,750. 474-8578
REALITE 1973 slide in, 9 ft. camper, 3/4 ton pickup. Beautiful shape. $850. 422-1540
SCOTTY HIGHLANDER, 15 ft. Sink, stove, refrigerator, gas lamps, self contained. 427-2074
SKAMPER 1970, sleeps 8, double dinette, stove, heater, gas/electric refrigerator, sink, awning. $875. 473-3041
STARCRAFT - 1973 camper, excellent condition. Call evenings. 477-8661
STARCRAFT 1977, 8 ft., sleeps 6, gas & battery lights, 3 way refrigerator. $2,400. 476-9322
STARCRAFT, 1976, 10 ft. cabover camper, gas furnace, stove, 3 way refrig. 453-7304
TRAVEL TRAILER, 1976, 18 ft. Sportsman. Sleeps 6, air conditioning. Excellent condition. 455-4640
WINNEBAGO 1976, 24 ft. camper fully loaded. Excellent condition. $7,500. Call after 6 PM. 453-5191
WILDERNESS 1978, 19 ft. self-contained, loaded, excellent condition. Sleeps 6. $4,850. 255-9178
WINNEBAGO, 1974, 20 ft. Brave, low mileage, excellent condition. 532-3338
816 Auto & Truck Parts & Service
BIG BLOCK CHEVY parts, aluminum intake, valve covers, Holley 750 cfm, headers. 421-6474
CARBURETORS, Ford 8 power carbureted & Ford 4V carburetor. $35 each and linkage for a 390, 428, 427 & 429. 981-3336
CRAGER mag wheels, 4, chrome, 14 inch, with tires. $195 or best offer. 422-7744
ENGINE, Chevy 350, rebuilt, 4 bolt main, $400. 261-0162
FORD 1973 Torino parts, transmission, rear end, hood, etc. 476-2103
GM 1978, 8 hole 15.5 rims with tires. $30 each. 453-6174
POLICE interceptor 460 engine, complete, runs good. $250. 459-0440
SNOW TIRES - 2 F78-14 studded, mounted on Ford wheels, 1 season old. Best offer. 531-9218
TIRES, new, set of 4, 15 inch. Call after 6. 421-4549
VEGA 1974, new clutch, needs engine work. $125. 453-4326
820 Autos Wanted
AVIS FORD NEEDS GOOD CLEAN USED CARS AND TRUCKS TELEGRAPH AT 12 MILE 354-0150
MANSFIELD
SHARP CARS NEEDED
335-5900 338-8825. Selling Or Trading Your Car? STOP BY & SEE HOW SO MANY PEOPLE TRADE AT
TURNER
FORD
WE WON'T BE UNDERSOLD. 37300 Michigan Ave., Wayne. 643-7500. SELL YOUR AUTOMOBILE OR TRUCK TO TOWN & COUNTRY DODGE. TOP DOLLAR PAID. TOWN & COUNTRY DODGE 8 Mile & Grand River 474-6750
We Buy Cars
WE PAY TOP DOLLAR
FOR CLEAN USED CARS. Matthews-Hargreaves CHEVROLET 10 Mile & Woodward 398-8800. WE BUY CLEAN USED CARS. TOP DOLLAR PAID FOR IMMEDIATE CASH SALE. OAKLAND DODGE Across from the Oakland Mall on 14 Mile Road 585-6093
We Buy Used Cars
ALL MAKES & MODELS ALSO TRUCKS. COMPLETE SELECTION OF CLEAN USED CARS! Bill Brown USED CARS 35000 Plymouth Rd. Livonia, Michigan 421-7000
WE BUY USED CARS & TRUCKS
North Bros. Ford
33300 Ford Rd. Westland 421-1300 (East of Wayne Rd). CHECK OUR PRICE BEFORE YOU SELL YOUR TRUCK OR VAN. WE NEED CARS ALL MAKES - ALL MODELS HIGHEST DOLLAR PAID. WE'LL DRIVE YOU HOME. BOB DUSSEAU LINCOLN-MERCURY 31625 Grand River Farmington 474-3342
821 Junk Cars Wanted
$INSTANT $CASH$
FOR JUNK & WRECKED CARS
Call E & M 474-4425
822 Trucks For Sale
BLAZER 1975, 4 wheel drive. $2900. Call 8AM-7PM. 358-6747
CHEVROLET C-10 PICKUP, 1976
PAT MILLIKEN FORD
6 cylinder, 3 speed transmission, rustproofed, power steering & brakes, deluxe box cover. $2995. "HOME OF THE SMILING IRISHMAN" 9600 Telegraph Betwn. Plymouth & W. Chicago 255-3840
CHEVROLET 1975 Suburban Silverado 9 passenger. Power steering, brakes, air, cruise, extras. 525-3716
CHEVROLET 1978 Pickup, 3/4 ton Silverado, loaded, stereo, 6000 miles. $5,650. 422-3641
CHEVROLET, 1974, Blazer, Cheyenne, automatic, power steering, power brakes, air, 4 wheel drive. Call. 453-7168
CHEVY 1977, Utility Truck. $2,350. Excellent condition. 464-3104
CHEVY, 1976, Suburban Silverado, 350 4 barrel, 19,000 miles, extras, regular gas, loaded. $4,750. 525-2057
CHEVY 1976 3/4-TON PICK-UP 8 Cylinder Stick 474-1400
CHEVY, 1976, Scottsdale pickup, 3/4 ton, auto, PS, PB, low miles, excellent condition. 432-4184
CHEVY, 1976, 1/2 Ton Pickup, orange, dependable. $1450. Nevis best. 421-0316
CHEVY, 1977, 1/2 Ton pickup, V8 automatic, power steering & brakes, AM-FM cassette, rust proofed, 18,000 miles. $4250. After 5:30. 422-7123
CHEVY 1978 Suburban, Silverado 9 pass., regular gas, 65 Gal., loaded, Captains chair, $7,500. 464-4304
CHEVY 1978 1/2 Ton Pickup, 6,000 miles, like new. 6 to choose from. Priced from $3075.
DATSUN, 1978, pick-up, king cab, stereo etc., low mileage. $5,000. 531-0158
DODGE, 1974, 3/4 Ton Pickup, 4 x 4, V8, automatic, double power, 38,000 actual miles, very clean. 421-4740
DODGE, 1976, 4x4 power steering & brakes, auto, stereo, tilt, cruise. $5200. Call after 6. 422-7125
FORD, F350, Ranger XLT, 1978. Super Cab, camper special, dual fuel tanks, power steering, brakes, automatic, AM-FM stereo. 522-1341
FORD, 1962, 351 motor and transmission, $100 or best offer. 455-6271
FORD 1972 1/2 ton pick-up, 302 3 speed stick, new tires, excellent body. 591-1284
FORD 1974, Pickup, automatic. $995. LEO CONNEIGHTON FORD 721-6560
FORD 1973 F-100 Ranger. With camper shell. Power steering & brakes. Sacrifice. $1,950. 981-3378
FORD 1975 F-250 4x4, power steering, 351 V8, automatic, lock-out hubs, radio, topper. $4,000. 474-7100
FORD 1976, Custom half ton pickup, 302 engine, standard transmission, power steering. $2,600. 591-3226
FORD 1976, F150 Truck, 4 wheel drive, V8, automatic, power steering, power brakes, 31,000 miles. $4,400. 421-8474
FORD, 1977, F 100, power steering, power brakes, V8, automatic, topper. Free Wheeling Package. $4,975. 453-3276
FORD, 1977, F 150, 4 x 4, like new, 8,000 miles. $5,795. 728-4534
FORD 1977 pickup truck with overnight camper. $3,995. 477-1144
FORD, 1977, 4x4 with 6 ft. topper, 10,000 miles. $5,750. 326-2162
FORD 1977, F-150 Pickup, 4 x 4, Ranger XLT, low mileage, loaded. Call after 5 PM. 453-5591
FORD 1978, 8 cylinder, automatic, oversized tires. $3550. 349-2347
FORD 1978, 4 x 4 F-150 pickup, 300-CM, sharp. After 6 pm. 453-9316
FRUEHAUF 1955 28' van trailer. Ready for road. Good tires. Suitable for storage use also. $1,500. Call between 9 AM - 5 PM. 522-6750
A WANT AD CAN HANDLE IT!
For results, most people trust Classified ads to find the buyers, renters, and employees they are seeking.
Observer & Eccentric Classified Ads
644-1070 Oakland County. 591-0900 Wayne County. 852-3222 Rochester/Avon
O&E
